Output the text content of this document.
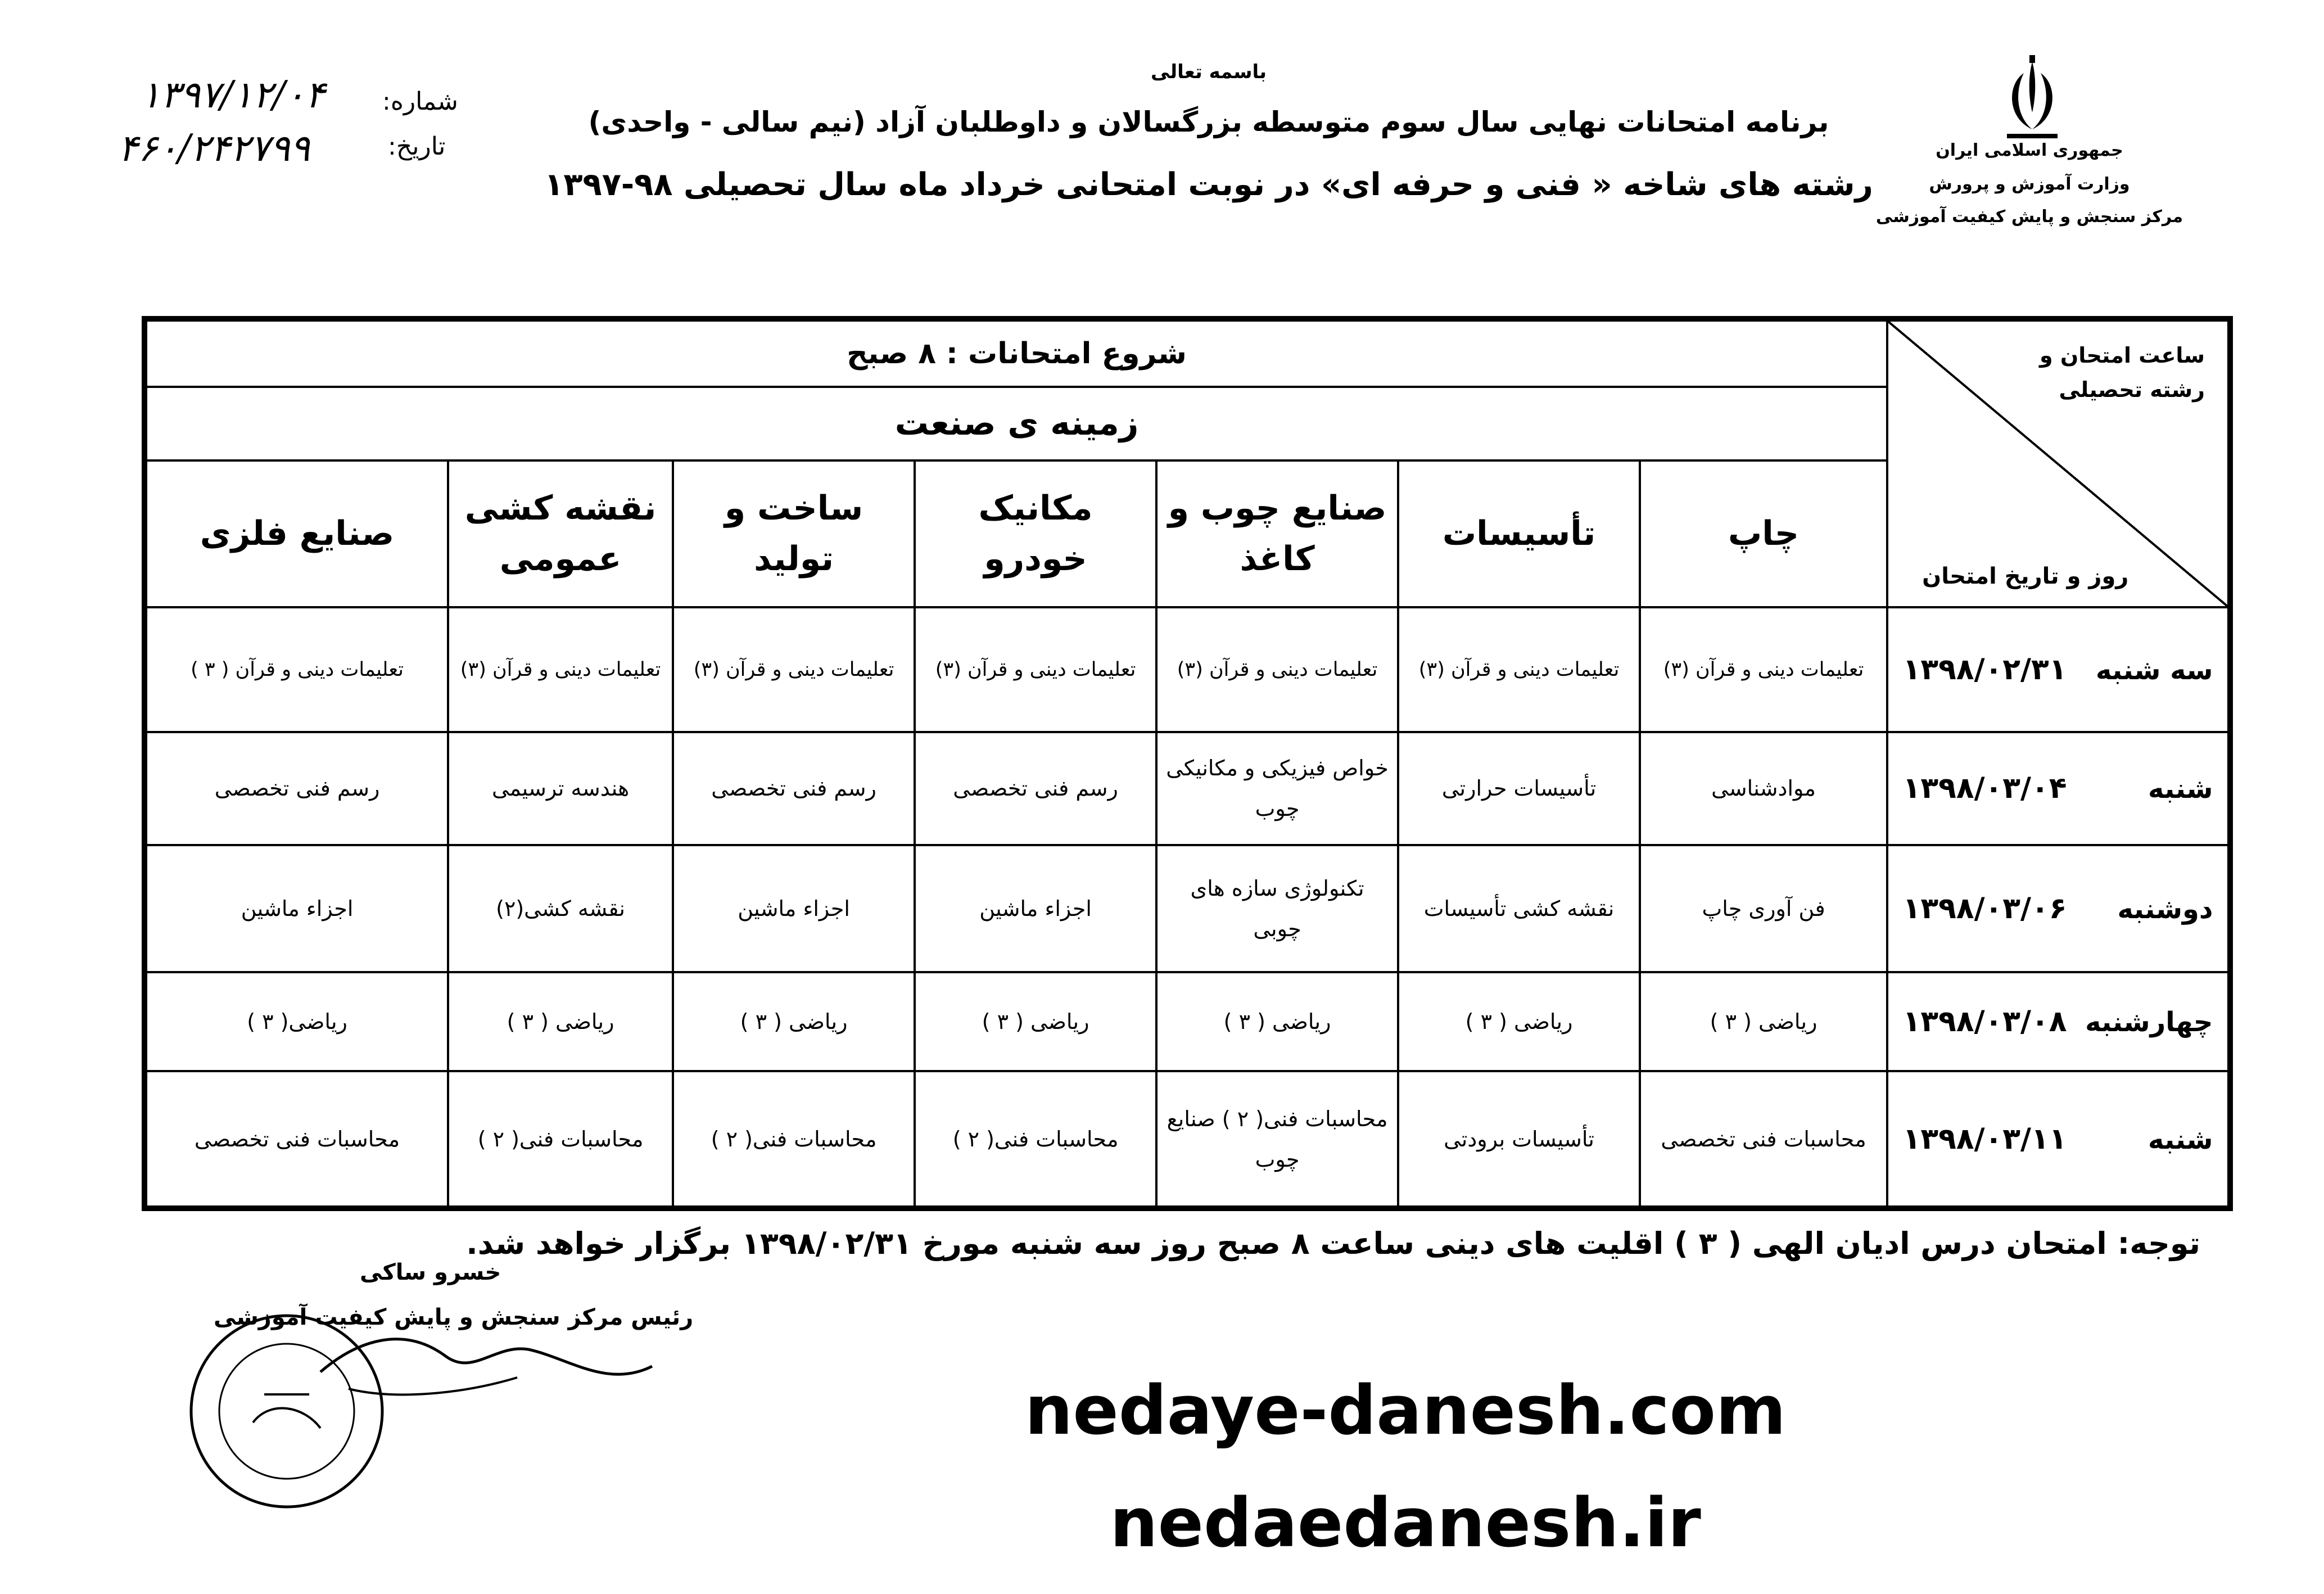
جمهوری اسلامی ایران
وزارت آموزش و پرورش
مرکز سنجش و پایش کیفیت آموزشی
باسمه تعالی
برنامه امتحانات نهایی سال سوم متوسطه بزرگسالان و داوطلبان آزاد (نیم سالی - واحدی)
رشته های شاخه « فنی و حرفه ای» در نوبت امتحانی خرداد ماه سال تحصیلی ۹۸-۱۳۹۷
شماره:
تاریخ:
۱۳۹۷/۱۲/۰۴
۴۶۰/۲۴۲۷۹۹
ساعت امتحان و رشته تحصیلی
روز و تاریخ امتحان	شروع امتحانات : ۸ صبح						
	زمینه ی صنعت						
	چاپ	تأسیسات	صنایع چوب و کاغذ	مکانیک خودرو	ساخت و تولید	نقشه کشی عمومی	صنایع فلزی
سه شنبه۱۳۹۸/۰۲/۳۱	تعلیمات دینی و قرآن (۳)	تعلیمات دینی و قرآن (۳)	تعلیمات دینی و قرآن (۳)	تعلیمات دینی و قرآن (۳)	تعلیمات دینی و قرآن (۳)	تعلیمات دینی و قرآن (۳)	تعلیمات دینی و قرآن ( ۳ )
شنبه۱۳۹۸/۰۳/۰۴	موادشناسی	تأسیسات حرارتی	خواص فیزیکی و مکانیکی چوب	رسم فنی تخصصی	رسم فنی تخصصی	هندسه ترسیمی	رسم فنی تخصصی
دوشنبه۱۳۹۸/۰۳/۰۶	فن آوری چاپ	نقشه کشی تأسیسات	تکنولوژی سازه های چوبی	اجزاء ماشین	اجزاء ماشین	نقشه کشی(۲)	اجزاء ماشین
چهارشنبه۱۳۹۸/۰۳/۰۸	ریاضی ( ۳ )	ریاضی ( ۳ )	ریاضی ( ۳ )	ریاضی ( ۳ )	ریاضی ( ۳ )	ریاضی ( ۳ )	ریاضی( ۳ )
شنبه۱۳۹۸/۰۳/۱۱	محاسبات فنی تخصصی	تأسیسات برودتی	محاسبات فنی( ۲ ) صنایع چوب	محاسبات فنی( ۲ )	محاسبات فنی( ۲ )	محاسبات فنی( ۲ )	محاسبات فنی تخصصی
توجه: امتحان درس ادیان الهی ( ۳ ) اقلیت های دینی ساعت ۸ صبح روز سه شنبه مورخ ۱۳۹۸/۰۲/۳۱ برگزار خواهد شد.
خسرو ساکی
رئیس مرکز سنجش و پایش کیفیت آموزشی
nedaye-danesh.com
nedaedanesh.ir
